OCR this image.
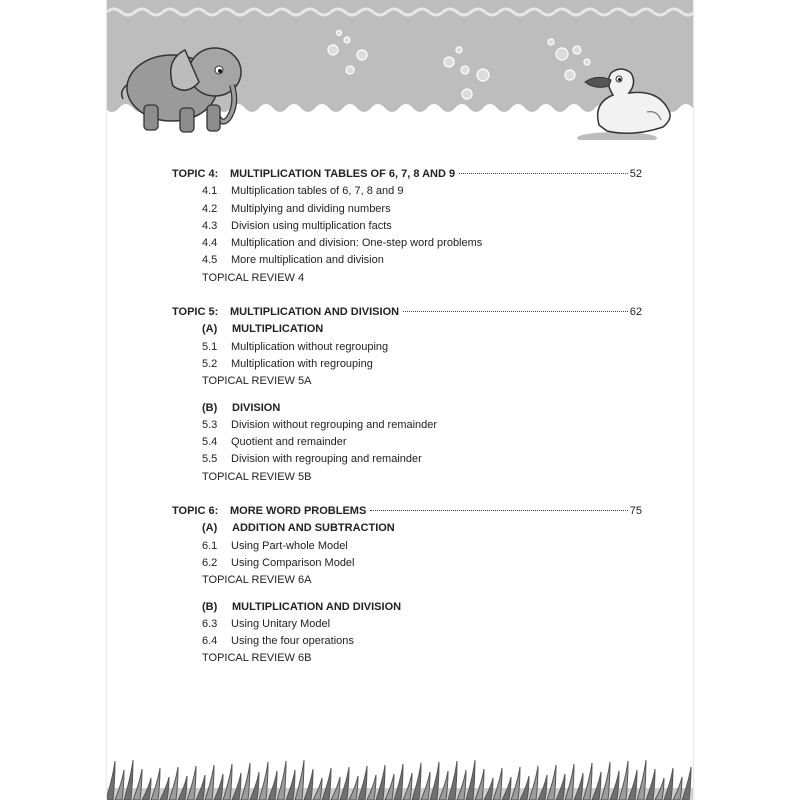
TOPIC 4:	MULTIPLICATION TABLES OF 6, 7, 8 AND 9	52
4.1 Multiplication tables of 6, 7, 8 and 9
4.2 Multiplying and dividing numbers
4.3 Division using multiplication facts
4.4 Multiplication and division: One-step word problems
4.5 More multiplication and division
TOPICAL REVIEW 4
TOPIC 5:	MULTIPLICATION AND DIVISION	62
(A) MULTIPLICATION
5.1 Multiplication without regrouping
5.2 Multiplication with regrouping
TOPICAL REVIEW 5A
(B) DIVISION
5.3 Division without regrouping and remainder
5.4 Quotient and remainder
5.5 Division with regrouping and remainder
TOPICAL REVIEW 5B
TOPIC 6:	MORE WORD PROBLEMS	75
(A) ADDITION AND SUBTRACTION
6.1 Using Part-whole Model
6.2 Using Comparison Model
TOPICAL REVIEW 6A
(B) MULTIPLICATION AND DIVISION
6.3 Using Unitary Model
6.4 Using the four operations
TOPICAL REVIEW 6B
